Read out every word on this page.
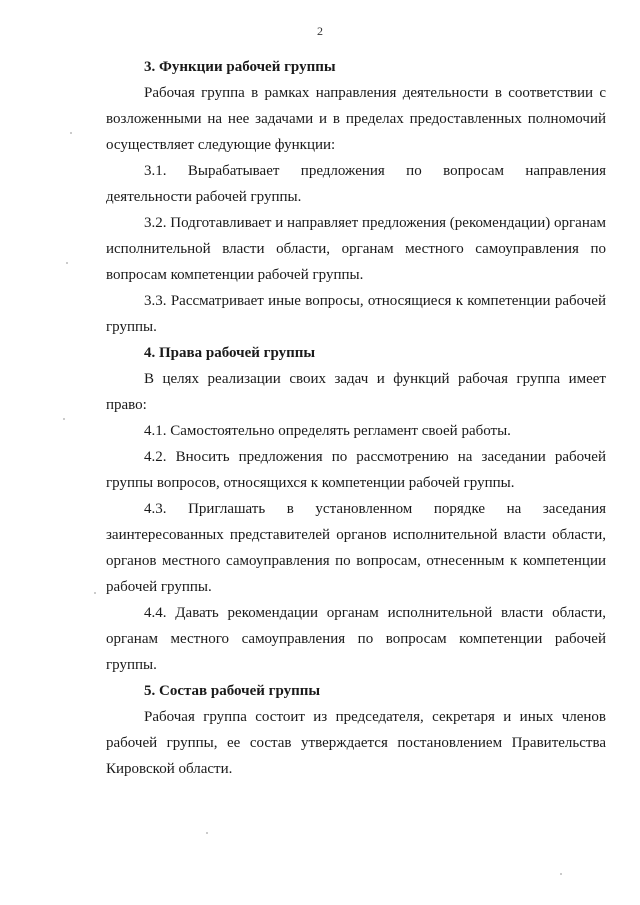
2

3. Функции рабочей группы

Рабочая группа в рамках направления деятельности в соответствии с возложенными на нее задачами и в пределах предоставленных полномочий осуществляет следующие функции:

3.1. Вырабатывает предложения по вопросам направления деятельности рабочей группы.

3.2. Подготавливает и направляет предложения (рекомендации) органам исполнительной власти области, органам местного самоуправления по вопросам компетенции рабочей группы.

3.3. Рассматривает иные вопросы, относящиеся к компетенции рабочей группы.

4. Права рабочей группы

В целях реализации своих задач и функций рабочая группа имеет право:

4.1. Самостоятельно определять регламент своей работы.

4.2. Вносить предложения по рассмотрению на заседании рабочей группы вопросов, относящихся к компетенции рабочей группы.

4.3. Приглашать в установленном порядке на заседания заинтересованных представителей органов исполнительной власти области, органов местного самоуправления по вопросам, отнесенным к компетенции рабочей группы.

4.4. Давать рекомендации органам исполнительной власти области, органам местного самоуправления по вопросам компетенции рабочей группы.

5. Состав рабочей группы

Рабочая группа состоит из председателя, секретаря и иных членов рабочей группы, ее состав утверждается постановлением Правительства Кировской области.
